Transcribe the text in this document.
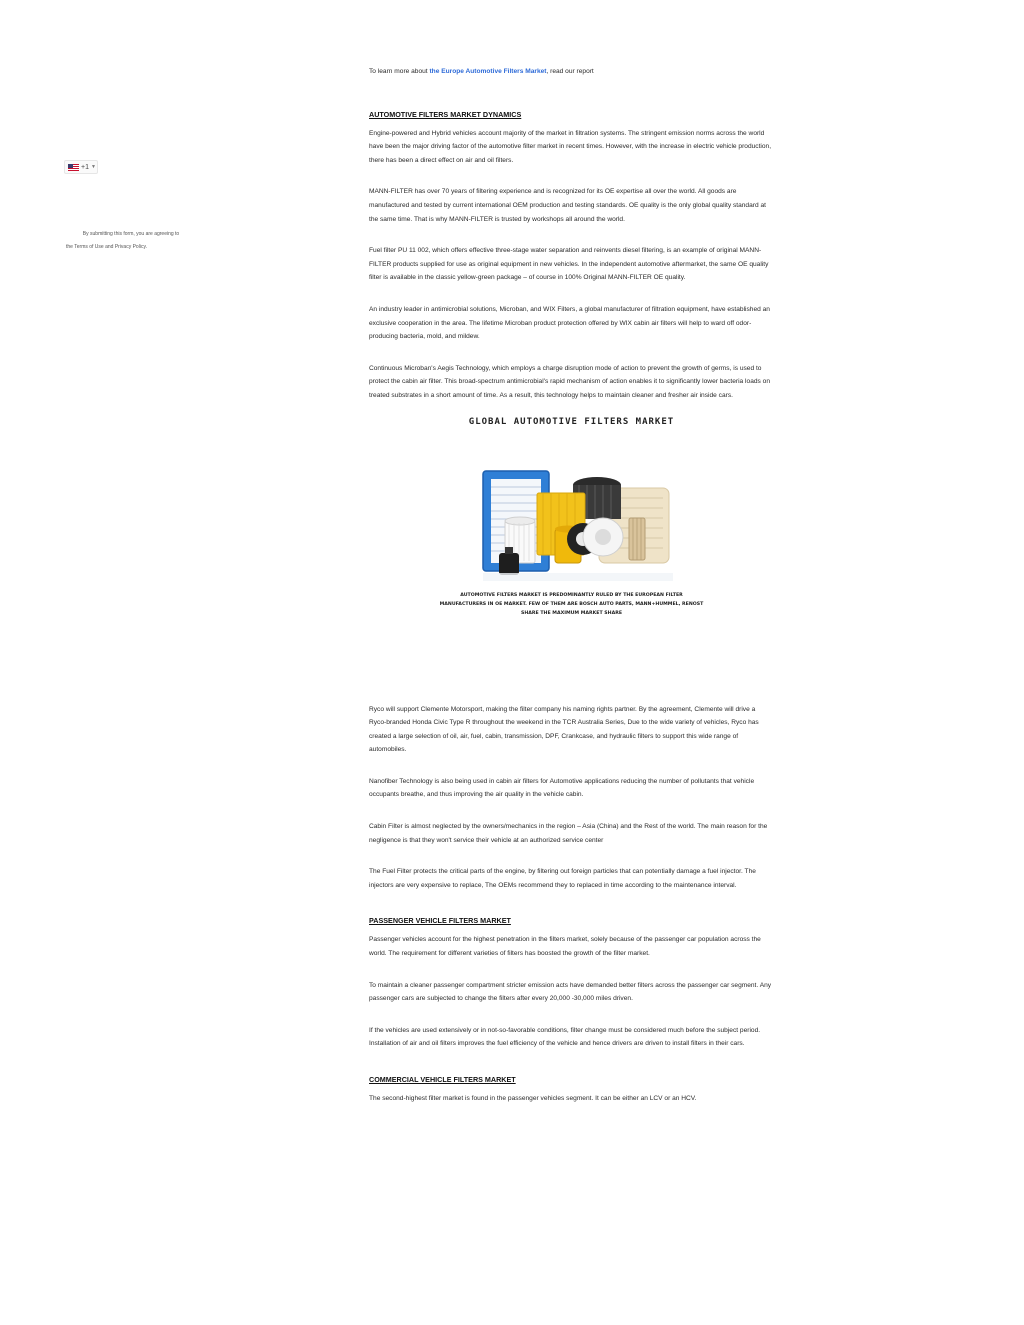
+1 ▼
By submitting this form, you are agreeing to
the Terms of Use and Privacy Policy.

To learn more about the Europe Automotive Filters Market, read our report

AUTOMOTIVE FILTERS MARKET DYNAMICS

Engine-powered and Hybrid vehicles account majority of the market in filtration systems. The stringent emission norms across the world have been the major driving factor of the automotive filter market in recent times. However, with the increase in electric vehicle production, there has been a direct effect on air and oil filters.

MANN-FILTER has over 70 years of filtering experience and is recognized for its OE expertise all over the world. All goods are manufactured and tested by current international OEM production and testing standards. OE quality is the only global quality standard at the same time. That is why MANN-FILTER is trusted by workshops all around the world.

Fuel filter PU 11 002, which offers effective three-stage water separation and reinvents diesel filtering, is an example of original MANN-FILTER products supplied for use as original equipment in new vehicles. In the independent automotive aftermarket, the same OE quality filter is available in the classic yellow-green package – of course in 100% Original MANN-FILTER OE quality.

An industry leader in antimicrobial solutions, Microban, and WIX Filters, a global manufacturer of filtration equipment, have established an exclusive cooperation in the area. The lifetime Microban product protection offered by WIX cabin air filters will help to ward off odor-producing bacteria, mold, and mildew.

Continuous Microban's Aegis Technology, which employs a charge disruption mode of action to prevent the growth of germs, is used to protect the cabin air filter. This broad-spectrum antimicrobial's rapid mechanism of action enables it to significantly lower bacteria loads on treated substrates in a short amount of time. As a result, this technology helps to maintain cleaner and fresher air inside cars.

GLOBAL AUTOMOTIVE FILTERS MARKET
AUTOMOTIVE FILTERS MARKET IS PREDOMINANTLY RULED BY THE EUROPEAN FILTER MANUFACTURERS IN OE MARKET. FEW OF THEM ARE BOSCH AUTO PARTS, MANN+HUMMEL, RENOST SHARE THE MAXIMUM MARKET SHARE

Ryco will support Clemente Motorsport, making the filter company his naming rights partner. By the agreement, Clemente will drive a Ryco-branded Honda Civic Type R throughout the weekend in the TCR Australia Series, Due to the wide variety of vehicles, Ryco has created a large selection of oil, air, fuel, cabin, transmission, DPF, Crankcase, and hydraulic filters to support this wide range of automobiles.

Nanofiber Technology is also being used in cabin air filters for Automotive applications reducing the number of pollutants that vehicle occupants breathe, and thus improving the air quality in the vehicle cabin.

Cabin Filter is almost neglected by the owners/mechanics in the region – Asia (China) and the Rest of the world. The main reason for the negligence is that they won't service their vehicle at an authorized service center

The Fuel Filter protects the critical parts of the engine, by filtering out foreign particles that can potentially damage a fuel injector. The injectors are very expensive to replace, The OEMs recommend they to replaced in time according to the maintenance interval.

PASSENGER VEHICLE FILTERS MARKET

Passenger vehicles account for the highest penetration in the filters market, solely because of the passenger car population across the world. The requirement for different varieties of filters has boosted the growth of the filter market.

To maintain a cleaner passenger compartment stricter emission acts have demanded better filters across the passenger car segment. Any passenger cars are subjected to change the filters after every 20,000 -30,000 miles driven.

If the vehicles are used extensively or in not-so-favorable conditions, filter change must be considered much before the subject period. Installation of air and oil filters improves the fuel efficiency of the vehicle and hence drivers are driven to install filters in their cars.

COMMERCIAL VEHICLE FILTERS MARKET

The second-highest filter market is found in the passenger vehicles segment. It can be either an LCV or an HCV.
